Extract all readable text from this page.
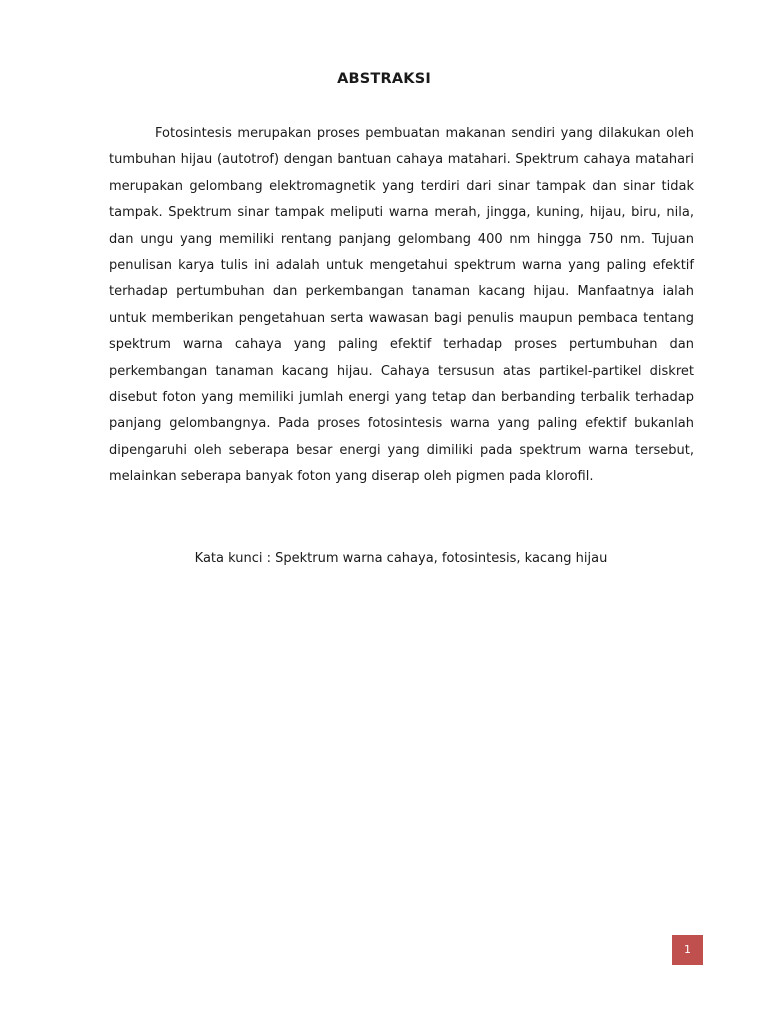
ABSTRAKSI

Fotosintesis merupakan proses pembuatan makanan sendiri yang dilakukan oleh tumbuhan hijau (autotrof) dengan bantuan cahaya matahari. Spektrum cahaya matahari merupakan gelombang elektromagnetik yang terdiri dari sinar tampak dan sinar tidak tampak. Spektrum sinar tampak meliputi warna merah, jingga, kuning, hijau, biru, nila, dan ungu yang memiliki rentang panjang gelombang 400 nm hingga 750 nm. Tujuan penulisan karya tulis ini adalah untuk mengetahui spektrum warna yang paling efektif terhadap pertumbuhan dan perkembangan tanaman kacang hijau. Manfaatnya ialah untuk memberikan pengetahuan serta wawasan bagi penulis maupun pembaca tentang spektrum warna cahaya yang paling efektif terhadap proses pertumbuhan dan perkembangan tanaman kacang hijau. Cahaya tersusun atas partikel-partikel diskret disebut foton yang memiliki jumlah energi yang tetap dan berbanding terbalik terhadap panjang gelombangnya. Pada proses fotosintesis warna yang paling efektif bukanlah dipengaruhi oleh seberapa besar energi yang dimiliki pada spektrum warna tersebut, melainkan seberapa banyak foton yang diserap oleh pigmen pada klorofil.

Kata kunci : Spektrum warna cahaya, fotosintesis, kacang hijau

1
